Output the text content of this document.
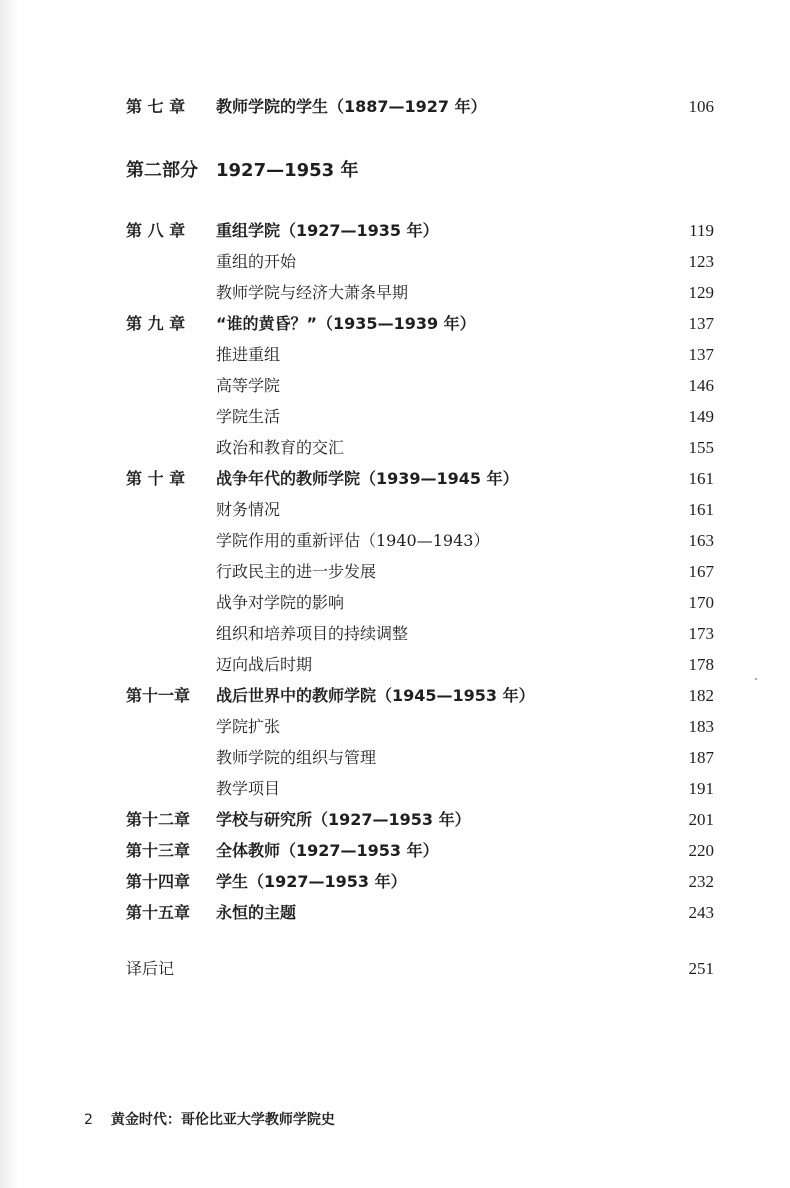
第 七 章	教师学院的学生（1887—1927 年）	106
第二部分　1927—1953 年
第 八 章	重组学院（1927—1935 年）	119
重组的开始	123
教师学院与经济大萧条早期	129
第 九 章	“谁的黄昏？”（1935—1939 年）	137
推进重组	137
高等学院	146
学院生活	149
政治和教育的交汇	155
第 十 章	战争年代的教师学院（1939—1945 年）	161
财务情况	161
学院作用的重新评估（1940—1943）	163
行政民主的进一步发展	167
战争对学院的影响	170
组织和培养项目的持续调整	173
迈向战后时期	178
第十一章	战后世界中的教师学院（1945—1953 年）	182
学院扩张	183
教师学院的组织与管理	187
教学项目	191
第十二章	学校与研究所（1927—1953 年）	201
第十三章	全体教师（1927—1953 年）	220
第十四章	学生（1927—1953 年）	232
第十五章	永恒的主题	243
译后记	251
2 黄金时代：哥伦比亚大学教师学院史
